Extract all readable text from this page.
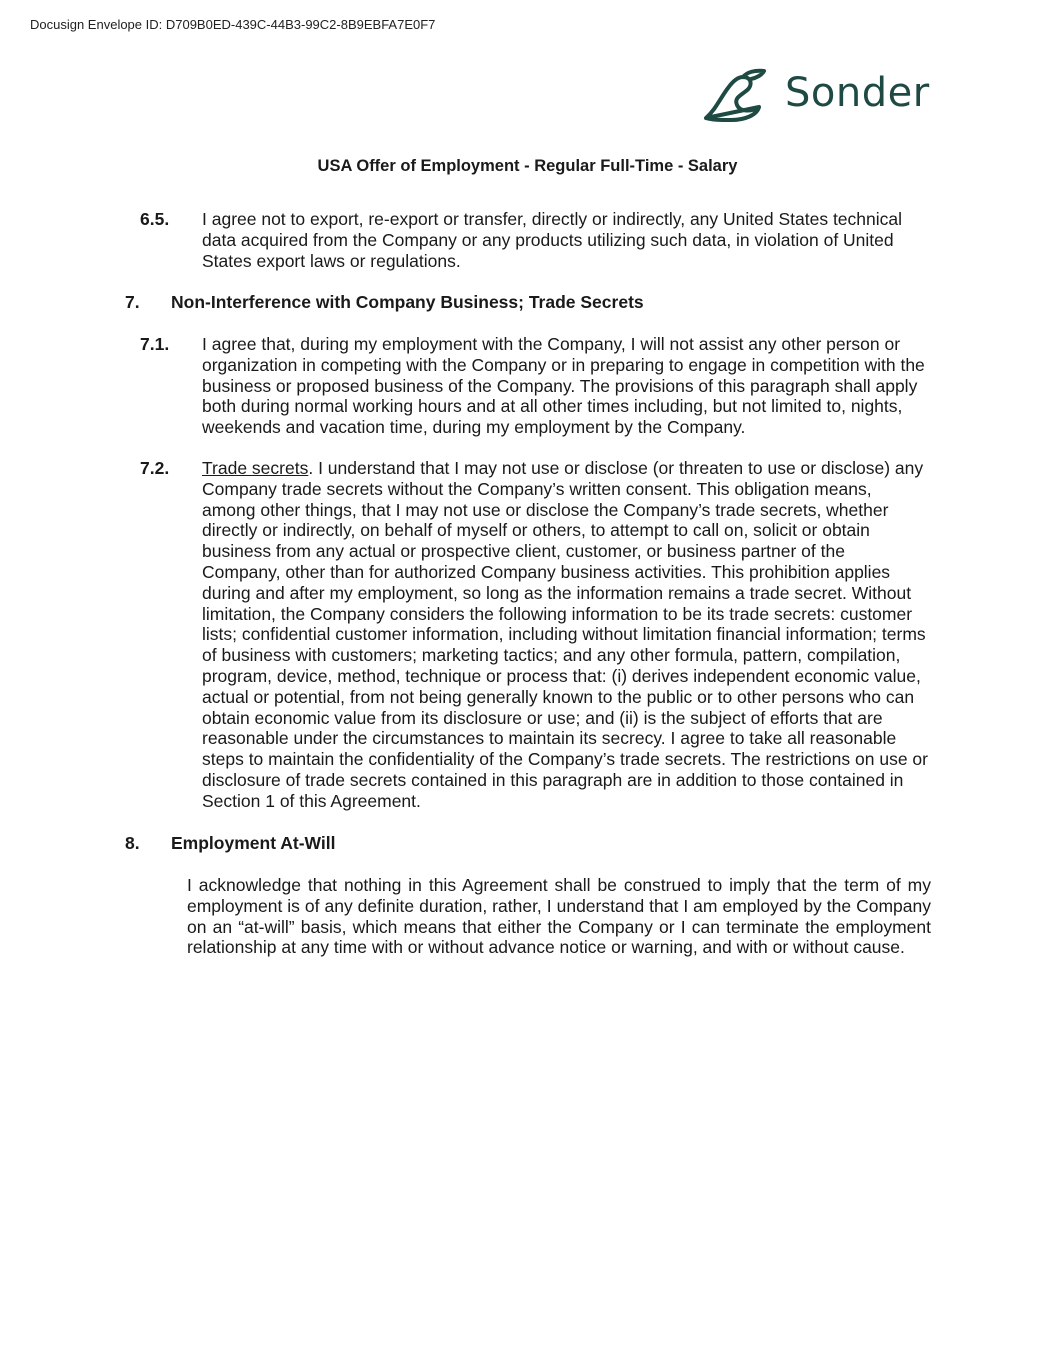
Docusign Envelope ID: D709B0ED-439C-44B3-99C2-8B9EBFA7E0F7
Sonder
USA Offer of Employment - Regular Full-Time - Salary
6.5. I agree not to export, re-export or transfer, directly or indirectly, any United States technical data acquired from the Company or any products utilizing such data, in violation of United States export laws or regulations.
7. Non-Interference with Company Business; Trade Secrets
7.1. I agree that, during my employment with the Company, I will not assist any other person or organization in competing with the Company or in preparing to engage in competition with the business or proposed business of the Company. The provisions of this paragraph shall apply both during normal working hours and at all other times including, but not limited to, nights, weekends and vacation time, during my employment by the Company.
7.2. Trade secrets. I understand that I may not use or disclose (or threaten to use or disclose) any Company trade secrets without the Company’s written consent. This obligation means, among other things, that I may not use or disclose the Company’s trade secrets, whether directly or indirectly, on behalf of myself or others, to attempt to call on, solicit or obtain business from any actual or prospective client, customer, or business partner of the Company, other than for authorized Company business activities. This prohibition applies during and after my employment, so long as the information remains a trade secret. Without limitation, the Company considers the following information to be its trade secrets: customer lists; confidential customer information, including without limitation financial information; terms of business with customers; marketing tactics; and any other formula, pattern, compilation, program, device, method, technique or process that: (i) derives independent economic value, actual or potential, from not being generally known to the public or to other persons who can obtain economic value from its disclosure or use; and (ii) is the subject of efforts that are reasonable under the circumstances to maintain its secrecy. I agree to take all reasonable steps to maintain the confidentiality of the Company’s trade secrets. The restrictions on use or disclosure of trade secrets contained in this paragraph are in addition to those contained in Section 1 of this Agreement.
8. Employment At-Will
I acknowledge that nothing in this Agreement shall be construed to imply that the term of my employment is of any definite duration, rather, I understand that I am employed by the Company on an “at-will” basis, which means that either the Company or I can terminate the employment relationship at any time with or without advance notice or warning, and with or without cause.
